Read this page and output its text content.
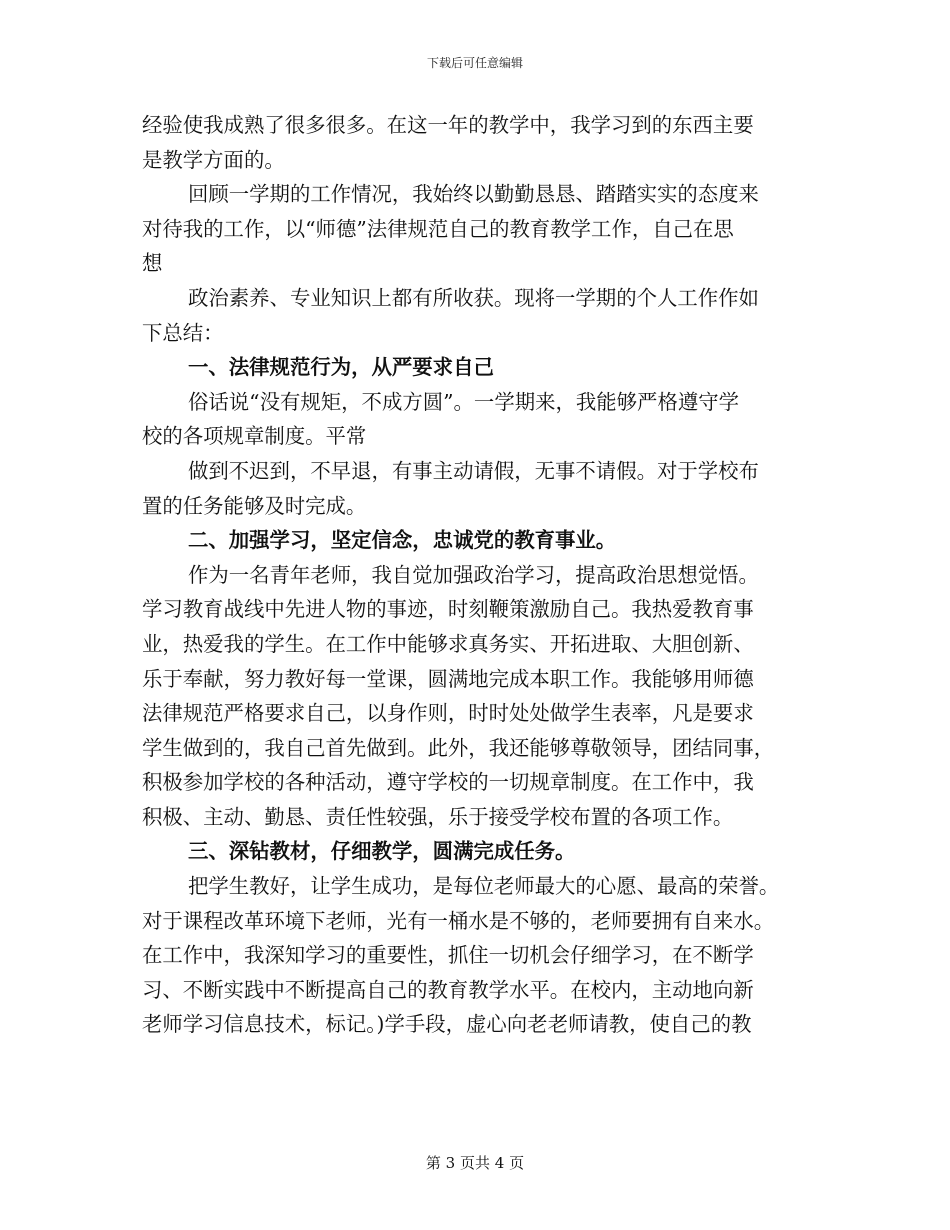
下载后可任意编辑
经验使我成熟了很多很多。在这一年的教学中，我学习到的东西主要
是教学方面的。
回顾一学期的工作情况，我始终以勤勤恳恳、踏踏实实的态度来
对待我的工作，以“师德”法律规范自己的教育教学工作，自己在思
想
政治素养、专业知识上都有所收获。现将一学期的个人工作作如
下总结：
一、法律规范行为，从严要求自己
俗话说“没有规矩，不成方圆”。一学期来，我能够严格遵守学
校的各项规章制度。平常
做到不迟到，不早退，有事主动请假，无事不请假。对于学校布
置的任务能够及时完成。
二、加强学习，坚定信念，忠诚党的教育事业。
作为一名青年老师，我自觉加强政治学习，提高政治思想觉悟。
学习教育战线中先进人物的事迹，时刻鞭策激励自己。我热爱教育事
业，热爱我的学生。在工作中能够求真务实、开拓进取、大胆创新、
乐于奉献，努力教好每一堂课，圆满地完成本职工作。我能够用师德
法律规范严格要求自己，以身作则，时时处处做学生表率，凡是要求
学生做到的，我自己首先做到。此外，我还能够尊敬领导，团结同事，
积极参加学校的各种活动，遵守学校的一切规章制度。在工作中，我
积极、主动、勤恳、责任性较强，乐于接受学校布置的各项工作。
三、深钻教材，仔细教学，圆满完成任务。
把学生教好，让学生成功，是每位老师最大的心愿、最高的荣誉。
对于课程改革环境下老师，光有一桶水是不够的，老师要拥有自来水。
在工作中，我深知学习的重要性，抓住一切机会仔细学习，在不断学
习、不断实践中不断提高自己的教育教学水平。在校内，主动地向新
老师学习信息技术，标记。)学手段，虚心向老老师请教，使自己的教
第 3 页共 4 页
